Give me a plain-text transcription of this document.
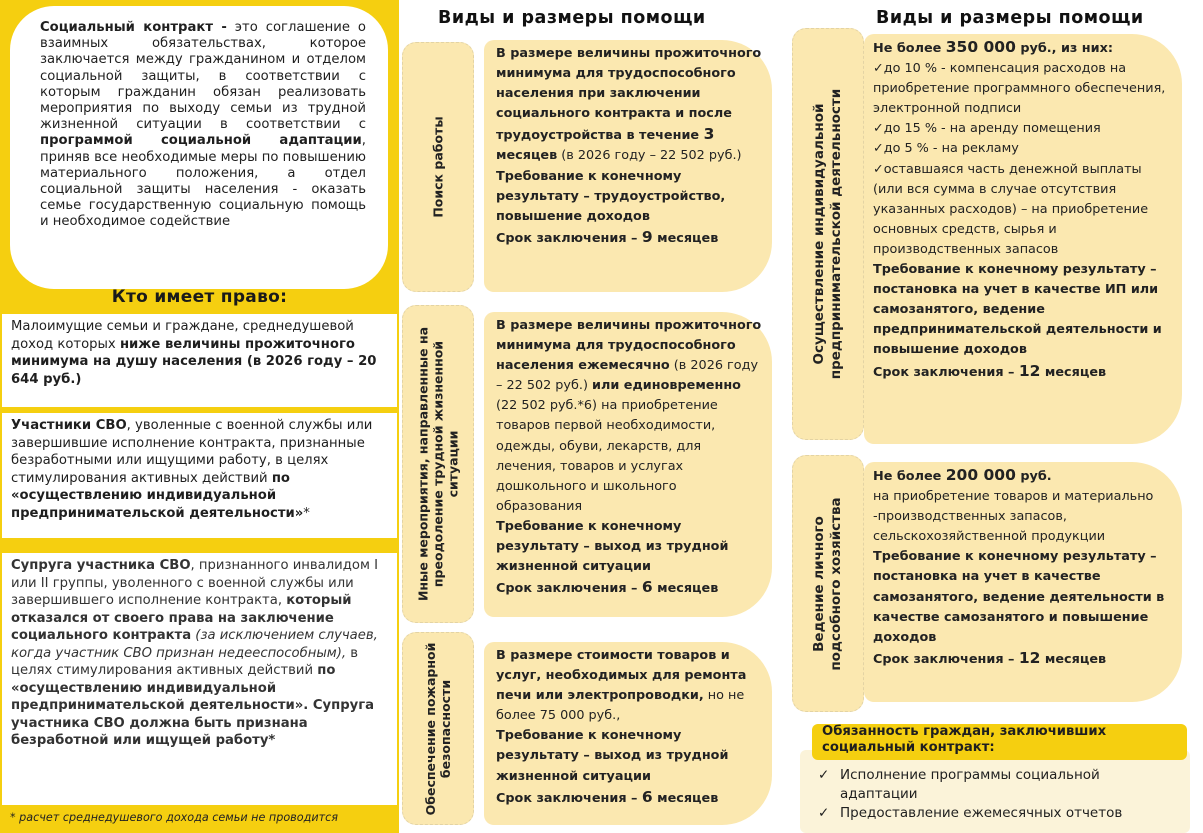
Социальный контракт - это соглашение о взаимных обязательствах, которое заключается между гражданином и отделом социальной защиты, в соответствии с которым гражданин обязан реализовать мероприятия по выходу семьи из трудной жизненной ситуации в соответствии с программой социальной адаптации, приняв все необходимые меры по повышению материального положения, а отдел социальной защиты населения - оказать семье государственную социальную помощь и необходимое содействие
Кто имеет право:
Малоимущие семьи и граждане, среднедушевой доход которых ниже величины прожиточного минимума на душу населения (в 2026 году – 20 644 руб.)
Участники СВО, уволенные с военной службы или завершившие исполнение контракта, признанные безработными или ищущими работу, в целях стимулирования активных действий по «осуществлению индивидуальной предпринимательской деятельности»*
Супруга участника СВО, признанного инвалидом I или II группы, уволенного с военной службы или завершившего исполнение контракта, который отказался от своего права на заключение социального контракта (за исключением случаев, когда участник СВО признан недееспособным), в целях стимулирования активных действий по «осуществлению индивидуальной предпринимательской деятельности». Супруга участника СВО должна быть признана безработной или ищущей работу*
* расчет среднедушевого дохода семьи не проводится
Виды и размеры помощи
Поиск работы
В размере величины прожиточного минимума для трудоспособного населения при заключении социального контракта и после трудоустройства в течение 3 месяцев (в 2026 году – 22 502 руб.)
Требование к конечному результату – трудоустройство, повышение доходов
Срок заключения – 9 месяцев
Иные мероприятия, направленные на
преодоление трудной жизненной
ситуации
В размере величины прожиточного минимума для трудоспособного населения ежемесячно (в 2026 году – 22 502 руб.) или единовременно (22 502 руб.*6) на приобретение товаров первой необходимости, одежды, обуви, лекарств, для лечения, товаров и услугах дошкольного и школьного образования
Требование к конечному результату – выход из трудной жизненной ситуации
Срок заключения – 6 месяцев
Обеспечение пожарной
безопасности
В размере стоимости товаров и услуг, необходимых для ремонта печи или электропроводки, но не более 75 000 руб.,
Требование к конечному результату – выход из трудной жизненной ситуации
Срок заключения – 6 месяцев
Виды и размеры помощи
Осуществление индивидуальной
предпринимательской деятельности
Не более 350 000 руб., из них:
✓до 10 % - компенсация расходов на приобретение программного обеспечения, электронной подписи
✓до 15 % - на аренду помещения
✓до 5 % - на рекламу
✓оставшаяся часть денежной выплаты (или вся сумма в случае отсутствия указанных расходов) – на приобретение основных средств, сырья и производственных запасов
Требование к конечному результату – постановка на учет в качестве ИП или самозанятого, ведение предпринимательской деятельности и повышение доходов
Срок заключения – 12 месяцев
Ведение личного
подсобного хозяйства
Не более 200 000 руб.
на приобретение товаров и материально -производственных запасов, сельскохозяйственной продукции
Требование к конечному результату – постановка на учет в качестве самозанятого, ведение деятельности в качестве самозанятого и повышение доходов
Срок заключения – 12 месяцев
Обязанность граждан, заключивших социальный контракт:
✓ Исполнение программы социальной адаптации
✓ Предоставление ежемесячных отчетов
